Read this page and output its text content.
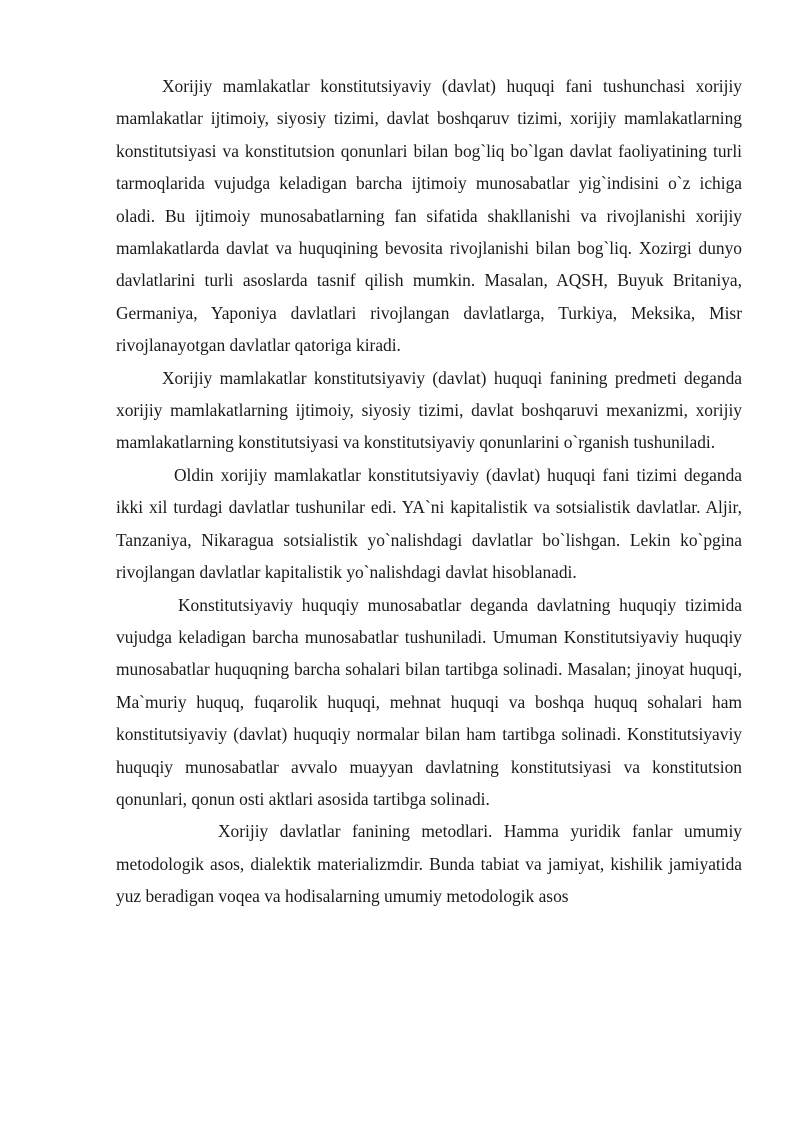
Xorijiy mamlakatlar konstitutsiyaviy (davlat) huquqi fani tushunchasi xorijiy mamlakatlar ijtimoiy, siyosiy tizimi, davlat boshqaruv tizimi, xorijiy mamlakatlarning konstitutsiyasi va konstitutsion qonunlari bilan bog`liq bo`lgan davlat faoliyatining turli tarmoqlarida vujudga keladigan barcha ijtimoiy munosabatlar yig`indisini o`z ichiga oladi. Bu ijtimoiy munosabatlarning fan sifatida shakllanishi va rivojlanishi xorijiy mamlakatlarda davlat va huquqining bevosita rivojlanishi bilan bog`liq. Xozirgi dunyo davlatlarini turli asoslarda tasnif qilish mumkin. Masalan, AQSH, Buyuk Britaniya, Germaniya, Yaponiya davlatlari rivojlangan davlatlarga, Turkiya, Meksika, Misr rivojlanayotgan davlatlar qatoriga kiradi.

Xorijiy mamlakatlar konstitutsiyaviy (davlat) huquqi fanining predmeti deganda xorijiy mamlakatlarning ijtimoiy, siyosiy tizimi, davlat boshqaruvi mexanizmi, xorijiy mamlakatlarning konstitutsiyasi va konstitutsiyaviy qonunlarini o`rganish tushuniladi.

Oldin xorijiy mamlakatlar konstitutsiyaviy (davlat) huquqi fani tizimi deganda ikki xil turdagi davlatlar tushunilar edi. YA`ni kapitalistik va sotsialistik davlatlar. Aljir, Tanzaniya, Nikaragua sotsialistik yo`nalishdagi davlatlar bo`lishgan. Lekin ko`pgina rivojlangan davlatlar kapitalistik yo`nalishdagi davlat hisoblanadi.

Konstitutsiyaviy huquqiy munosabatlar deganda davlatning huquqiy tizimida vujudga keladigan barcha munosabatlar tushuniladi. Umuman Konstitutsiyaviy huquqiy munosabatlar huquqning barcha sohalari bilan tartibga solinadi. Masalan; jinoyat huquqi, Ma`muriy huquq, fuqarolik huquqi, mehnat huquqi va boshqa huquq sohalari ham konstitutsiyaviy (davlat) huquqiy normalar bilan ham tartibga solinadi. Konstitutsiyaviy huquqiy munosabatlar avvalo muayyan davlatning konstitutsiyasi va konstitutsion qonunlari, qonun osti aktlari asosida tartibga solinadi.

Xorijiy davlatlar fanining metodlari. Hamma yuridik fanlar umumiy metodologik asos, dialektik materializmdir. Bunda tabiat va jamiyat, kishilik jamiyatida yuz beradigan voqea va hodisalarning umumiy metodologik asos
